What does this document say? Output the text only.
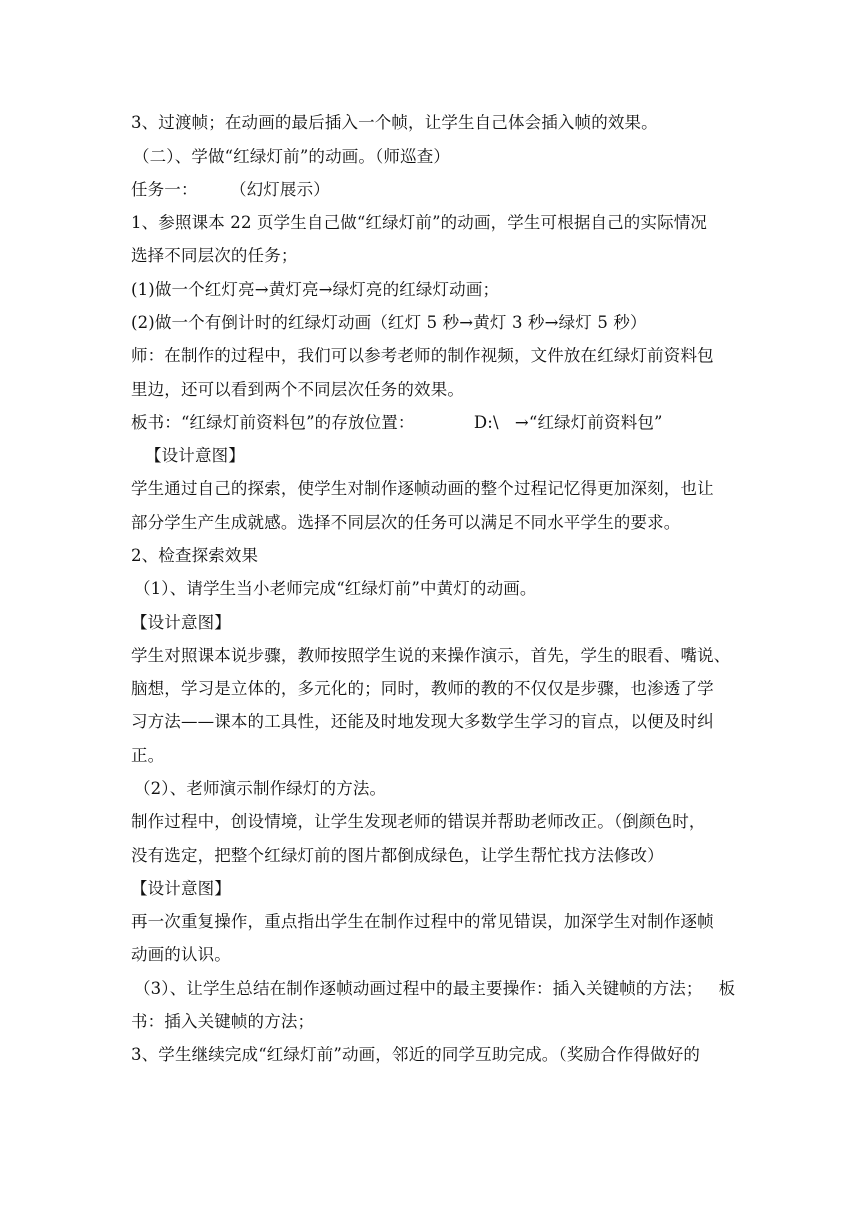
3、过渡帧；在动画的最后插入一个帧，让学生自己体会插入帧的效果。

（二）、学做“红绿灯前”的动画。（师巡查）

任务一：      （幻灯展示）

1、参照课本 22 页学生自己做“红绿灯前”的动画，学生可根据自己的实际情况

选择不同层次的任务；

(1)做一个红灯亮→黄灯亮→绿灯亮的红绿灯动画；

(2)做一个有倒计时的红绿灯动画（红灯 5 秒→黄灯 3 秒→绿灯 5 秒）

师：在制作的过程中，我们可以参考老师的制作视频，文件放在红绿灯前资料包

里边，还可以看到两个不同层次任务的效果。

板书：“红绿灯前资料包”的存放位置：           D:\   →“红绿灯前资料包”

【设计意图】

学生通过自己的探索，使学生对制作逐帧动画的整个过程记忆得更加深刻，也让

部分学生产生成就感。选择不同层次的任务可以满足不同水平学生的要求。

2、检查探索效果

（1）、请学生当小老师完成“红绿灯前”中黄灯的动画。

【设计意图】

学生对照课本说步骤，教师按照学生说的来操作演示，首先，学生的眼看、嘴说、

脑想，学习是立体的，多元化的；同时，教师的教的不仅仅是步骤，也渗透了学

习方法——课本的工具性，还能及时地发现大多数学生学习的盲点，以便及时纠

正。

（2）、老师演示制作绿灯的方法。

制作过程中，创设情境，让学生发现老师的错误并帮助老师改正。（倒颜色时，

没有选定，把整个红绿灯前的图片都倒成绿色，让学生帮忙找方法修改）

【设计意图】

再一次重复操作，重点指出学生在制作过程中的常见错误，加深学生对制作逐帧

动画的认识。

（3）、让学生总结在制作逐帧动画过程中的最主要操作：插入关键帧的方法；   板

书：插入关键帧的方法；

3、学生继续完成“红绿灯前”动画，邻近的同学互助完成。（奖励合作得做好的
